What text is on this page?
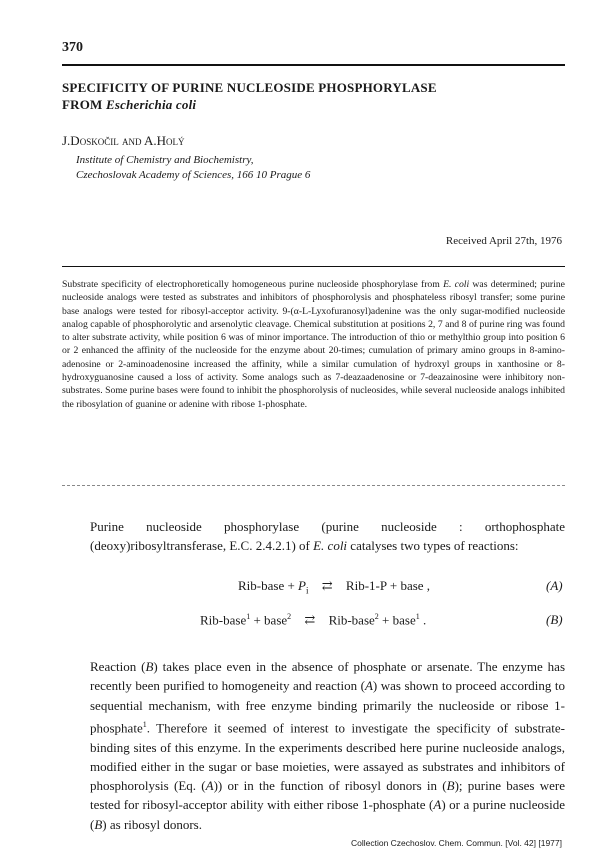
370
SPECIFICITY OF PURINE NUCLEOSIDE PHOSPHORYLASE
FROM Escherichia coli
J.Doskočil and A.Holý
Institute of Chemistry and Biochemistry,
Czechoslovak Academy of Sciences, 166 10 Prague 6
Received April 27th, 1976
Substrate specificity of electrophoretically homogeneous purine nucleoside phosphorylase from E. coli was determined; purine nucleoside analogs were tested as substrates and inhibitors of phosphorolysis and phosphateless ribosyl transfer; some purine base analogs were tested for ribosyl-acceptor activity. 9-(α-L-Lyxofuranosyl)adenine was the only sugar-modified nucleoside analog capable of phosphorolytic and arsenolytic cleavage. Chemical substitution at positions 2, 7 and 8 of purine ring was found to alter substrate activity, while position 6 was of minor importance. The introduction of thio or methylthio group into position 6 or 2 enhanced the affinity of the nucleoside for the enzyme about 20-times; cumulation of primary amino groups in 8-amino-adenosine or 2-aminoadenosine increased the affinity, while a similar cumulation of hydroxyl groups in xanthosine or 8-hydroxyguanosine caused a loss of activity. Some analogs such as 7-deazaadenosine or 7-deazainosine were inhibitory non-substrates. Some purine bases were found to inhibit the phosphorolysis of nucleosides, while several nucleoside analogs inhibited the ribosylation of guanine or adenine with ribose 1-phosphate.
Purine nucleoside phosphorylase (purine nucleoside : orthophosphate (deoxy)ribosyltransferase, E.C. 2.4.2.1) of E. coli catalyses two types of reactions:
Rib-base + $P_i$ ⇄ Rib-1-P + base ,	(A)
Rib-base$^1$ + base$^2$ ⇄ Rib-base$^2$ + base$^1$ .	(B)
Reaction (B) takes place even in the absence of phosphate or arsenate. The enzyme has recently been purified to homogeneity and reaction (A) was shown to proceed according to sequential mechanism, with free enzyme binding primarily the nucleoside or ribose 1-phosphate$^1$. Therefore it seemed of interest to investigate the specificity of substrate-binding sites of this enzyme. In the experiments described here purine nucleoside analogs, modified either in the sugar or base moieties, were assayed as substrates and inhibitors of phosphorolysis (Eq. (A)) or in the function of ribosyl donors in (B); purine bases were tested for ribosyl-acceptor ability with either ribose 1-phosphate (A) or a purine nucleoside (B) as ribosyl donors.
Collection Czechoslov. Chem. Commun. [Vol. 42] [1977]
